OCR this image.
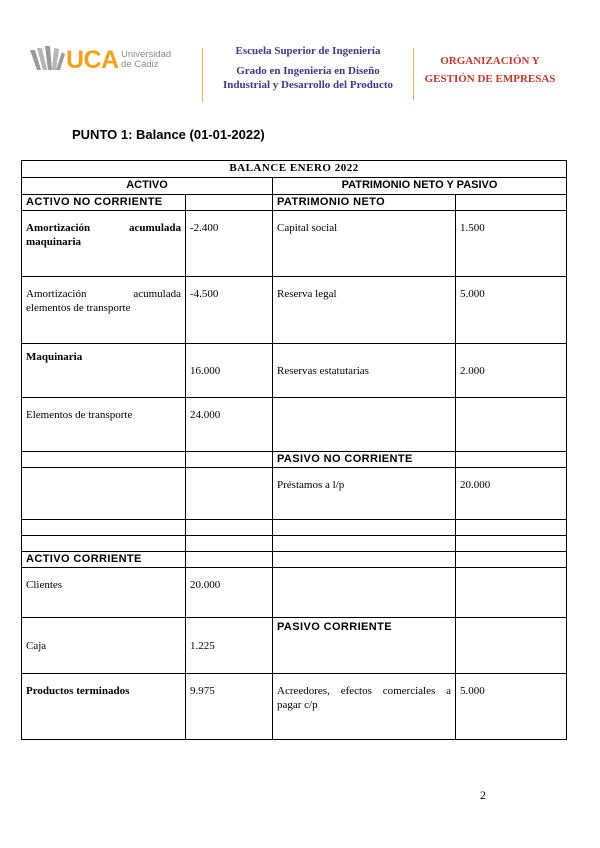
UCA Universidad
de Cádiz
Escuela Superior de Ingeniería
Grado en Ingeniería en Diseño
Industrial y Desarrollo del Producto
ORGANIZACIÓN Y
GESTIÓN DE EMPRESAS
PUNTO 1: Balance (01-01-2022)
BALANCE ENERO 2022			
ACTIVO		PATRIMONIO NETO Y PASIVO	
ACTIVO NO CORRIENTE		PATRIMONIO NETO	

Amortización acumulada
maquinaria	-2.400	Capital social	1.500

Amortización acumulada
elementos de transporte	-4.500	Reserva legal	5.000
Maquinaria	16.000	Reservas estatutarias	2.000
Elementos de transporte	24.000		
		PASIVO NO CORRIENTE	
		Préstamos a l/p	20.000

ACTIVO CORRIENTE			
Clientes	20.000		
Caja	1.225	PASIVO CORRIENTE	
Productos terminados	9.975	Acreedores, efectos comerciales a
pagar c/p	5.000
2
